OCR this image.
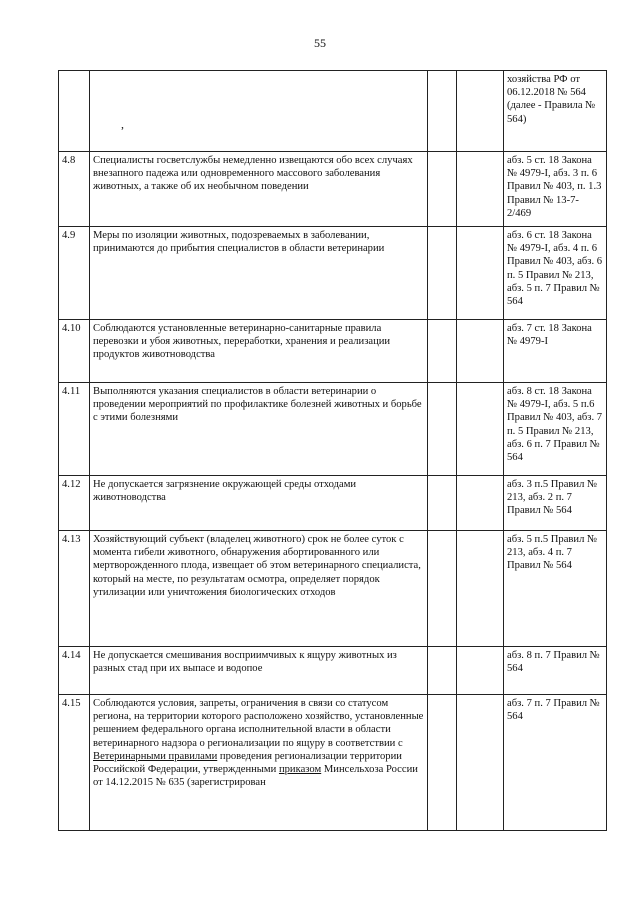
55
				хозяйства РФ от 06.12.2018 № 564 (далее - Правила № 564)
4.8	Специалисты госветслужбы немедленно извещаются обо всех случаях внезапного падежа или одновременного массового заболевания животных, а также об их необычном поведении			абз. 5 ст. 18 Закона № 4979-I, абз. 3 п. 6 Правил № 403, п. 1.3 Правил № 13-7-2/469
4.9	Меры по изоляции животных, подозреваемых в заболевании, принимаются до прибытия специалистов в области ветеринарии			абз. 6 ст. 18 Закона № 4979-I, абз. 4 п. 6 Правил № 403, абз. 6 п. 5 Правил № 213, абз. 5 п. 7 Правил № 564
4.10	Соблюдаются установленные ветеринарно-санитарные правила перевозки и убоя животных, переработки, хранения и реализации продуктов животноводства			абз. 7 ст. 18 Закона № 4979-I
4.11	Выполняются указания специалистов в области ветеринарии о проведении мероприятий по профилактике болезней животных и борьбе с этими болезнями			абз. 8 ст. 18 Закона № 4979-I, абз. 5 п.6 Правил № 403, абз. 7 п. 5 Правил № 213, абз. 6 п. 7 Правил № 564
4.12	Не допускается загрязнение окружающей среды отходами животноводства			абз. 3 п.5 Правил № 213, абз. 2 п. 7 Правил № 564
4.13	Хозяйствующий субъект (владелец животного) срок не более суток с момента гибели животного, обнаружения абортированного или мертворожденного плода, извещает об этом ветеринарного специалиста, который на месте, по результатам осмотра, определяет порядок утилизации или уничтожения биологических отходов			абз. 5 п.5 Правил № 213, абз. 4 п. 7 Правил № 564
4.14	Не допускается смешивания восприимчивых к ящуру животных из разных стад при их выпасе и водопое			абз. 8 п. 7 Правил № 564
4.15	Соблюдаются условия, запреты, ограничения в связи со статусом региона, на территории которого расположено хозяйство, установленные решением федерального органа исполнительной власти в области ветеринарного надзора о регионализации по ящуру в соответствии с Ветеринарными правилами проведения регионализации территории Российской Федерации, утвержденными приказом Минсельхоза России от 14.12.2015 № 635 (зарегистрирован			абз. 7 п. 7 Правил № 564
,
